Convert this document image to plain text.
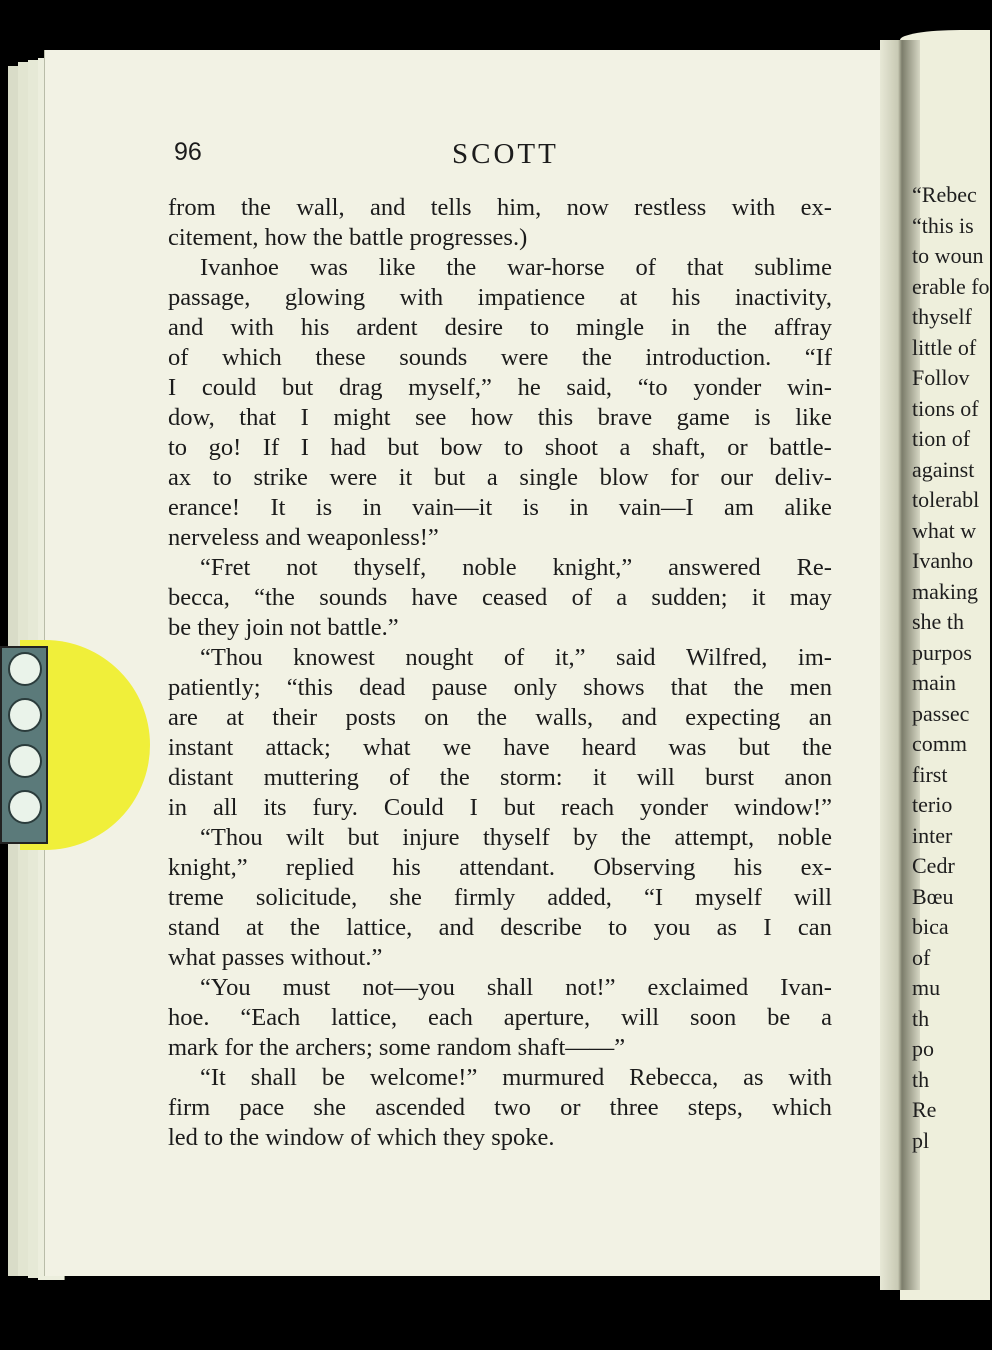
96	SCOTT
from the wall, and tells him, now restless with ex-
citement, how the battle progresses.)
Ivanhoe was like the war-horse of that sublime
passage, glowing with impatience at his inactivity,
and with his ardent desire to mingle in the affray
of which these sounds were the introduction. “If
I could but drag myself,” he said, “to yonder win-
dow, that I might see how this brave game is like
to go! If I had but bow to shoot a shaft, or battle-
ax to strike were it but a single blow for our deliv-
erance! It is in vain—it is in vain—I am alike
nerveless and weaponless!”
“Fret not thyself, noble knight,” answered Re-
becca, “the sounds have ceased of a sudden; it may
be they join not battle.”
“Thou knowest nought of it,” said Wilfred, im-
patiently; “this dead pause only shows that the men
are at their posts on the walls, and expecting an
instant attack; what we have heard was but the
distant muttering of the storm: it will burst anon
in all its fury. Could I but reach yonder window!”
“Thou wilt but injure thyself by the attempt, noble
knight,” replied his attendant. Observing his ex-
treme solicitude, she firmly added, “I myself will
stand at the lattice, and describe to you as I can
what passes without.”
“You must not—you shall not!” exclaimed Ivan-
hoe. “Each lattice, each aperture, will soon be a
mark for the archers; some random shaft——”
“It shall be welcome!” murmured Rebecca, as with
firm pace she ascended two or three steps, which
led to the window of which they spoke.
“Rebec
“this is
to woun
erable fo
thyself
little of
Follov
tions of
tion of
against
tolerabl
what w
Ivanho
making
she th
purpos
main
passec
comm
first
terio
inter
Cedr
Bœu
bica
of
mu
th
po
th
Re
pl
